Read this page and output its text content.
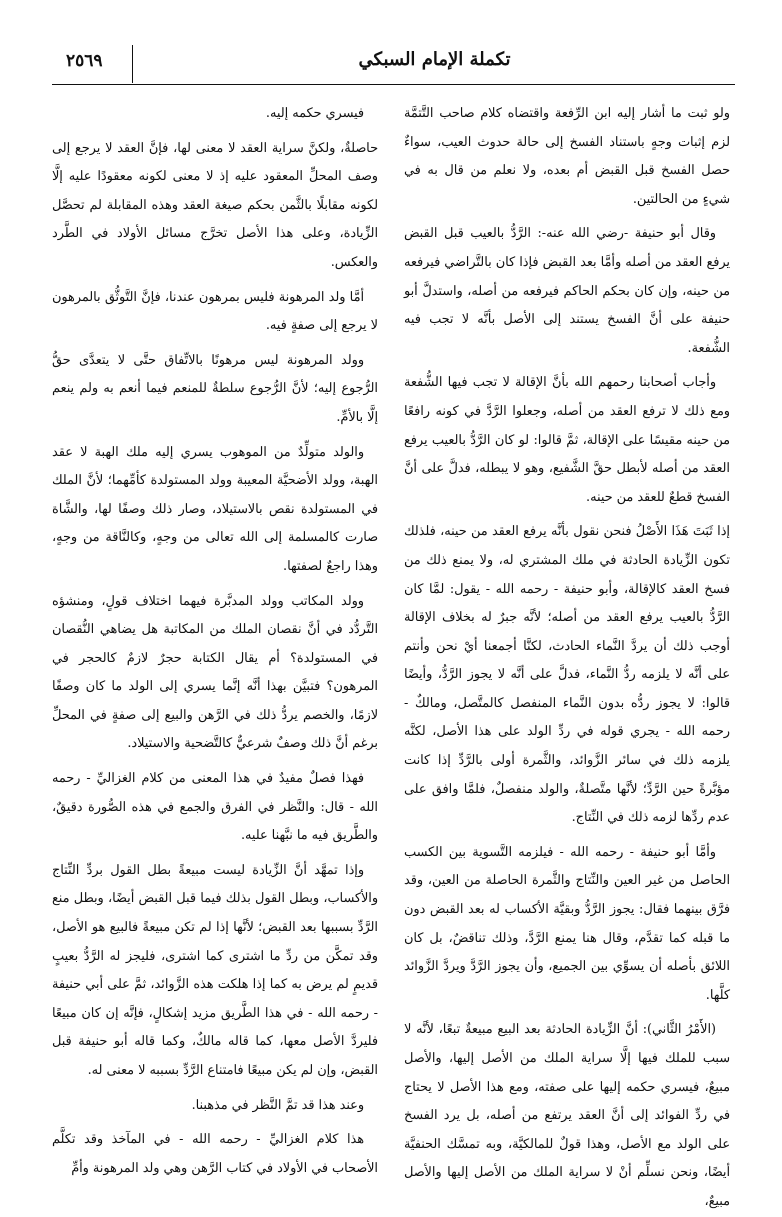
٢٥٦٩	تكملة الإمام السبكي

ولو ثبت ما أشار إليه ابن الرِّفعة واقتضاه كلام صاحب التَّتمَّة لزم إثبات وجهٍ باستناد الفسخ إلى حالة حدوث العيب، سواءٌ حصل الفسخ قبل القبض أم بعده، ولا نعلم من قال به في شيءٍ من الحالتين.

وقال أبو حنيفة -رضي الله عنه-: الرَّدُّ بالعيب قبل القبض يرفع العقد من أصله وأمَّا بعد القبض فإذا كان بالتَّراضي فيرفعه من حينه، وإن كان بحكم الحاكم فيرفعه من أصله، واستدلَّ أبو حنيفة على أنَّ الفسخ يستند إلى الأصل بأنَّه لا تجب فيه الشُّفعة.

وأجاب أصحابنا رحمهم الله بأنَّ الإقالة لا تجب فيها الشُّفعة ومع ذلك لا ترفع العقد من أصله، وجعلوا الرَّدَّ في كونه رافعًا من حينه مقيسًا على الإقالة، ثمَّ قالوا: لو كان الرَّدُّ بالعيب يرفع العقد من أصله لأبطل حقَّ الشَّفيع، وهو لا يبطله، فدلَّ على أنَّ الفسخ قطعٌ للعقد من حينه.

إذا ثَبَتَ هَذَا الأَصْلُ فنحن نقول بأنَّه يرفع العقد من حينه، فلذلك تكون الزِّيادة الحادثة في ملك المشتري له، ولا يمنع ذلك من فسخ العقد كالإقالة، وأبو حنيفة - رحمه الله - يقول: لمَّا كان الرَّدُّ بالعيب يرفع العقد من أصله؛ لأنَّه جبرٌ له بخلاف الإقالة أوجب ذلك أن يردَّ النَّماء الحادث، لكنَّا أجمعنا أيْ نحن وأنتم على أنَّه لا يلزمه ردُّ النَّماء، فدلَّ على أنَّه لا يجوز الرَّدُّ، وأيضًا قالوا: لا يجوز ردُّه بدون النَّماء المنفصل كالمتَّصل، ومالكٌ - رحمه الله - يجري قوله في ردِّ الولد على هذا الأصل، لكنَّه يلزمه ذلك في سائر الزَّوائد، والثَّمرة أولى بالرَّدِّ إذا كانت مؤبَّرةً حين الرَّدِّ؛ لأنَّها متَّصلةٌ، والولد منفصلٌ، فلمَّا وافق على عدم ردِّها لزمه ذلك في النِّتاج.

وأمَّا أبو حنيفة - رحمه الله - فيلزمه التَّسوية بين الكسب الحاصل من غير العين والنِّتاج والثَّمرة الحاصلة من العين، وقد فرَّق بينهما فقال: يجوز الرَّدُّ وبقيَّة الأكساب له بعد القبض دون ما قبله كما تقدَّم، وقال هنا يمنع الرَّدَّ، وذلك تناقضٌ، بل كان اللائق بأصله أن يسوِّي بين الجميع، وأن يجوز الرَّدَّ ويردَّ الزَّوائد كلَّها.

(الأَمْرُ الثَّاني): أنَّ الزِّيادة الحادثة بعد البيع مبيعةٌ تبعًا، لأنَّه لا سبب للملك فيها إلَّا سراية الملك من الأصل إليها، والأصل مبيعٌ، فيسري حكمه إليها على صفته، ومع هذا الأصل لا يحتاج في ردِّ الفوائد إلى أنَّ العقد يرتفع من أصله، بل يرد الفسخ على الولد مع الأصل، وهذا قولٌ للمالكيَّة، وبه تمسَّك الحنفيَّة أيضًا، ونحن نسلِّم أنْ لا سراية الملك من الأصل إليها والأصل مبيعٌ،

فيسري حكمه إليه.

حاصلةٌ، ولكنَّ سراية العقد لا معنى لها، فإنَّ العقد لا يرجع إلى وصف المحلِّ المعقود عليه إذ لا معنى لكونه معقودًا عليه إلَّا لكونه مقابلًا بالثَّمن بحكم صيغة العقد وهذه المقابلة لم تحصَّل الزِّيادة، وعلى هذا الأصل تخرَّج مسائل الأولاد في الطَّرد والعكس.

أمَّا ولد المرهونة فليس بمرهون عندنا، فإنَّ التَّوثُّق بالمرهون لا يرجع إلى صفةٍ فيه.

وولد المرهونة ليس مرهونًا بالاتِّفاق حتَّى لا يتعدَّى حقُّ الرُّجوع إليه؛ لأنَّ الرُّجوع سلطةٌ للمنعم فيما أنعم به ولم ينعم إلَّا بالأمِّ.

والولد متولِّدٌ من الموهوب يسري إليه ملك الهبة لا عقد الهبة، وولد الأضحيَّة المعيبة وولد المستولدة كأمِّهما؛ لأنَّ الملك في المستولدة نقص بالاستيلاد، وصار ذلك وصفًا لها، والشَّاة صارت كالمسلمة إلى الله تعالى من وجهٍ، وكالنَّاقة من وجهٍ، وهذا راجعٌ لصفتها.

وولد المكاتب وولد المدبَّرة فيهما اختلاف قولٍ، ومنشؤه التَّردُّد في أنَّ نقصان الملك من المكاتبة هل يضاهي النُّقصان في المستولدة؟ أم يقال الكتابة حجرٌ لازمٌ كالحجر في المرهون؟ فتبيَّن بهذا أنَّه إنَّما يسري إلى الولد ما كان وصفًا لازمًا، والخصم يردُّ ذلك في الرَّهن والبيع إلى صفةٍ في المحلِّ برغم أنَّ ذلك وصفٌ شرعيٌّ كالتَّضحية والاستيلاد.

فهذا فصلٌ مفيدٌ في هذا المعنى من كلام الغزاليِّ - رحمه الله - قال: والنَّظر في الفرق والجمع في هذه الصُّورة دقيقٌ، والطَّريق فيه ما نبَّهنا عليه.

وإذا تمهَّد أنَّ الزِّيادة ليست مبيعةً بطل القول بردِّ النِّتاج والأكساب، وبطل القول بذلك فيما قبل القبض أيضًا، وبطل منع الرَّدِّ بسببها بعد القبض؛ لأنَّها إذا لم تكن مبيعةً فالبيع هو الأصل، وقد تمكَّن من ردِّ ما اشترى كما اشترى، فليجز له الرَّدُّ بعيبٍ قديمٍ لم يرض به كما إذا هلكت هذه الزَّوائد، ثمَّ على أبي حنيفة - رحمه الله - في هذا الطَّريق مزيد إشكالٍ، فإنَّه إن كان مبيعًا فليردَّ الأصل معها، كما قاله مالكٌ، وكما قاله أبو حنيفة قبل القبض، وإن لم يكن مبيعًا فامتناع الرَّدِّ بسببه لا معنى له.

وعند هذا قد تمَّ النَّظر في مذهبنا.

هذا كلام الغزاليِّ - رحمه الله - في المآخذ وقد تكلَّم الأصحاب في الأولاد في كتاب الرَّهن وهي ولد المرهونة وأمِّ
